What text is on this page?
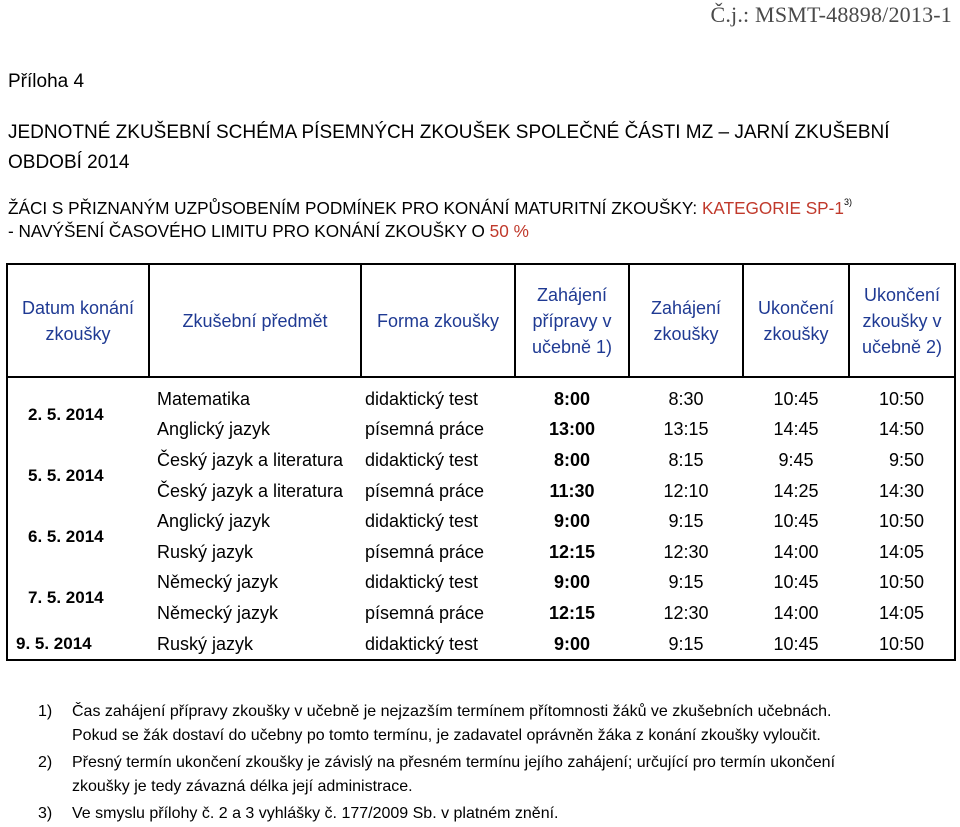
Č.j.: MSMT-48898/2013-1
Příloha 4
JEDNOTNÉ ZKUŠEBNÍ SCHÉMA PÍSEMNÝCH ZKOUŠEK SPOLEČNÉ ČÁSTI MZ – JARNÍ ZKUŠEBNÍ OBDOBÍ 2014
ŽÁCI S PŘIZNANÝM UZPŮSOBENÍM PODMÍNEK PRO KONÁNÍ MATURITNÍ ZKOUŠKY: KATEGORIE SP-1$^{3)}$
- NAVÝŠENÍ ČASOVÉHO LIMITU PRO KONÁNÍ ZKOUŠKY O 50 %
Datum konání zkoušky	Zkušební předmět	Forma zkoušky	Zahájení přípravy v učebně 1)	Zahájení zkoušky	Ukončení zkoušky	Ukončení zkoušky v učebně 2)
2. 5. 2014	Matematika	didaktický test	8:00	8:30	10:45	10:50
	Anglický jazyk	písemná práce	13:00	13:15	14:45	14:50
5. 5. 2014	Český jazyk a literatura	didaktický test	8:00	8:15	9:45	9:50
	Český jazyk a literatura	písemná práce	11:30	12:10	14:25	14:30
6. 5. 2014	Anglický jazyk	didaktický test	9:00	9:15	10:45	10:50
	Ruský jazyk	písemná práce	12:15	12:30	14:00	14:05
7. 5. 2014	Německý jazyk	didaktický test	9:00	9:15	10:45	10:50
	Německý jazyk	písemná práce	12:15	12:30	14:00	14:05
9. 5. 2014	Ruský jazyk	didaktický test	9:00	9:15	10:45	10:50
1) Čas zahájení přípravy zkoušky v učebně je nejzazším termínem přítomnosti žáků ve zkušebních učebnách.
Pokud se žák dostaví do učebny po tomto termínu, je zadavatel oprávněn žáka z konání zkoušky vyloučit.
2) Přesný termín ukončení zkoušky je závislý na přesném termínu jejího zahájení; určující pro termín ukončení
zkoušky je tedy závazná délka její administrace.
3) Ve smyslu přílohy č. 2 a 3 vyhlášky č. 177/2009 Sb. v platném znění.
